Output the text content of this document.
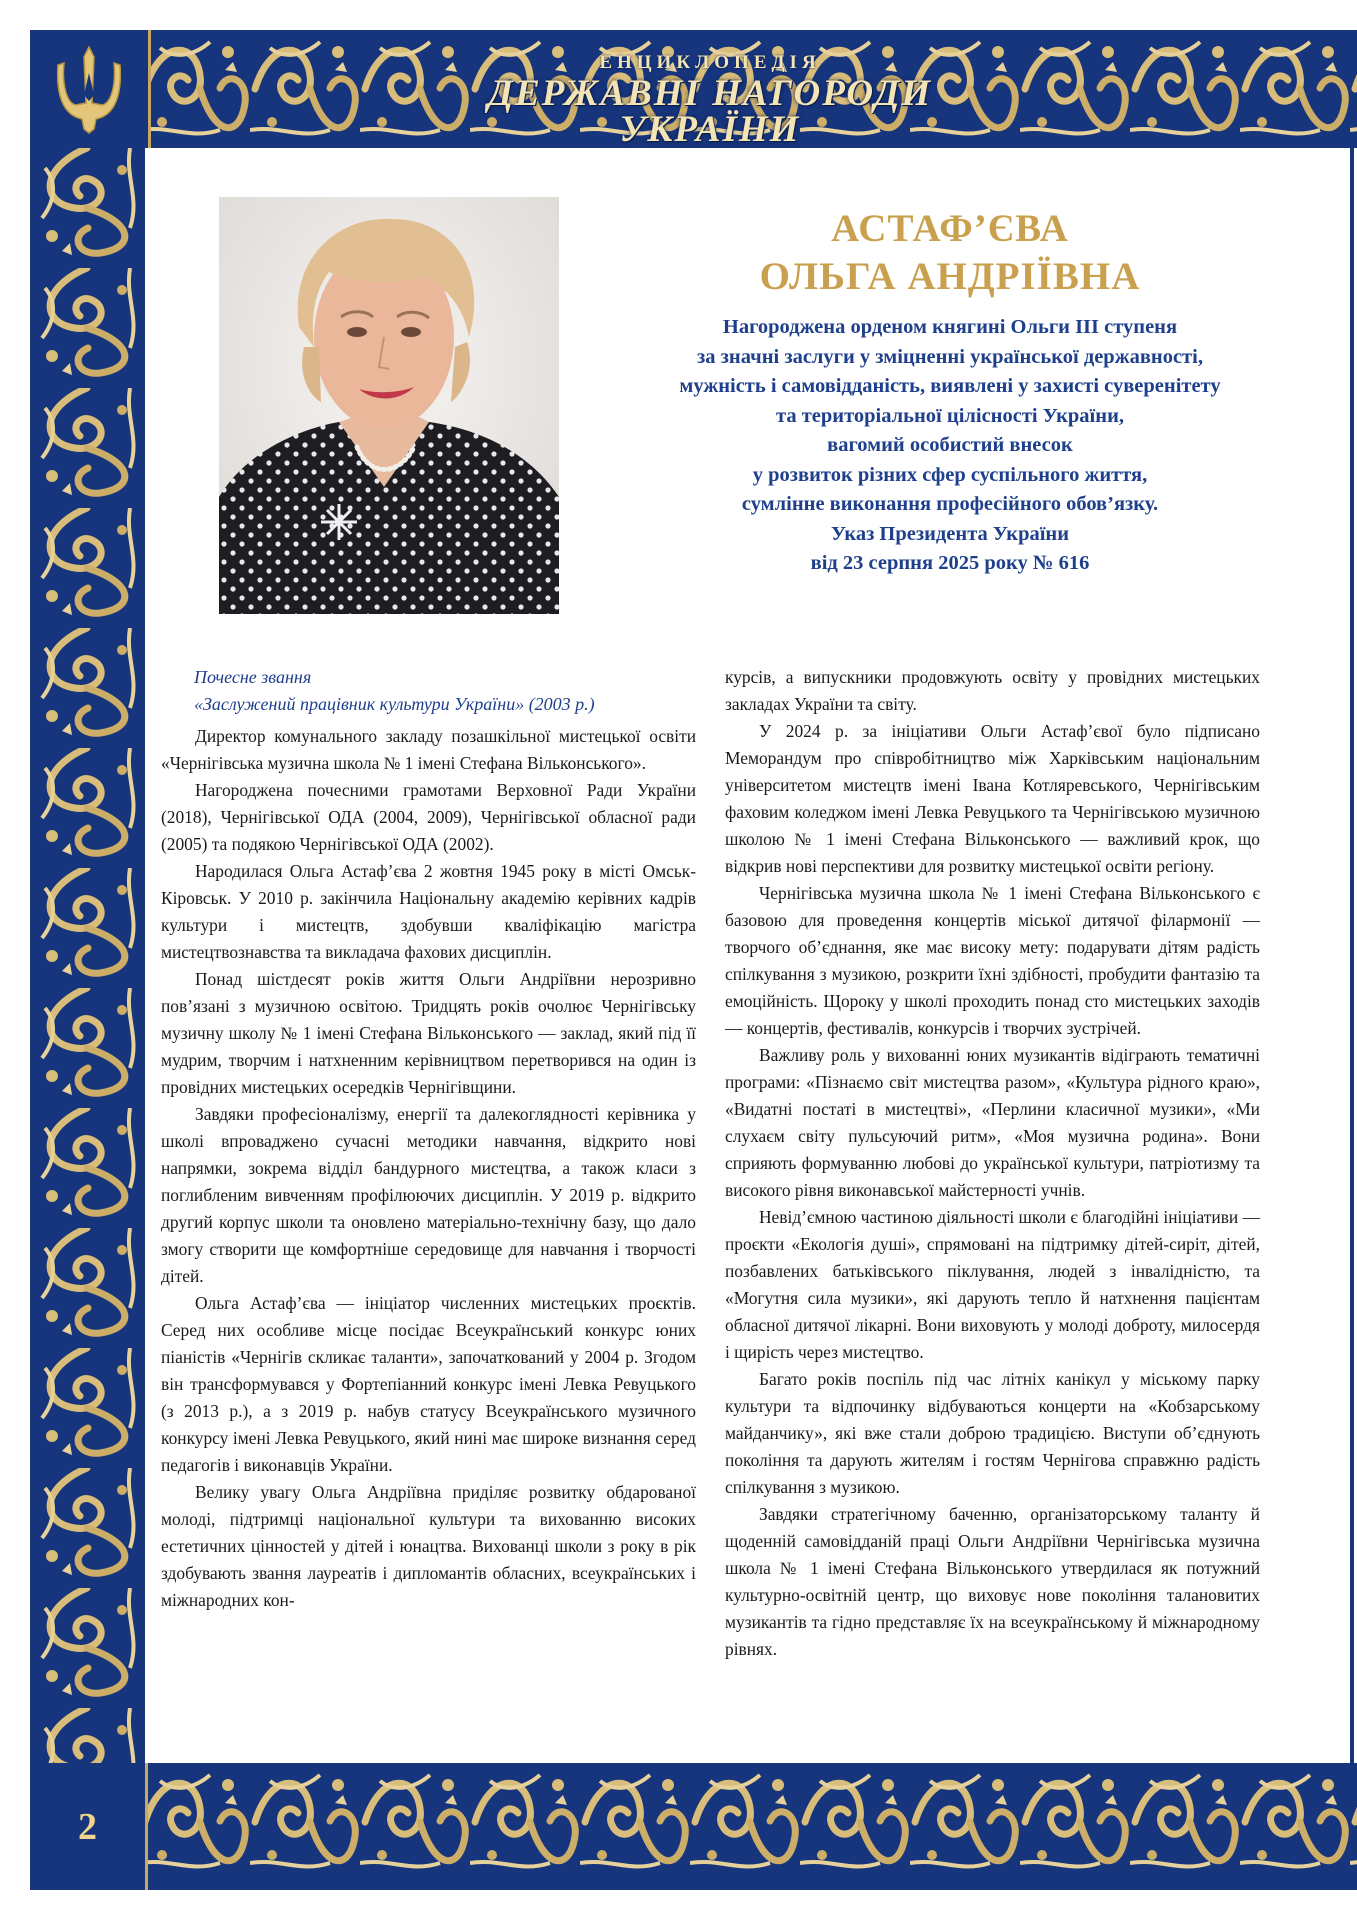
ЕНЦИКЛОПЕДІЯ
ДЕРЖАВНІ НАГОРОДИ
УКРАЇНИ
2
АСТАФ’ЄВА
ОЛЬГА АНДРІЇВНА
Нагороджена орденом княгині Ольги ІІІ ступеня
за значні заслуги у зміцненні української державності,
мужність і самовідданість, виявлені у захисті суверенітету
та територіальної цілісності України,
вагомий особистий внесок
у розвиток різних сфер суспільного життя,
сумлінне виконання професійного обов’язку.
Указ Президента України
від 23 серпня 2025 року № 616
Почесне звання
«Заслужений працівник культури України» (2003 р.)

Директор комунального закладу позашкільної мистецької освіти «Чернігівська музична школа № 1 імені Стефана Вільконського».

Нагороджена почесними грамотами Верховної Ради України (2018), Чернігівської ОДА (2004, 2009), Чернігівської обласної ради (2005) та подякою Чернігівської ОДА (2002).

Народилася Ольга Астаф’єва 2 жовтня 1945 року в місті Омськ-Кіровськ. У 2010 р. закінчила Національну академію керівних кадрів культури і мистецтв, здобувши кваліфікацію магістра мистецтвознавства та викладача фахових дисциплін.

Понад шістдесят років життя Ольги Андріївни нерозривно пов’язані з музичною освітою. Тридцять років очолює Чернігівську музичну школу № 1 імені Стефана Вільконського — заклад, який під її мудрим, творчим і натхненним керівництвом перетворився на один із провідних мистецьких осередків Чернігівщини.

Завдяки професіоналізму, енергії та далекоглядності керівника у школі впроваджено сучасні методики навчання, відкрито нові напрямки, зокрема відділ бандурного мистецтва, а також класи з поглибленим вивченням профілюючих дисциплін. У 2019 р. відкрито другий корпус школи та оновлено матеріально-технічну базу, що дало змогу створити ще комфортніше середовище для навчання і творчості дітей.

Ольга Астаф’єва — ініціатор численних мистецьких проєктів. Серед них особливе місце посідає Всеукраїнський конкурс юних піаністів «Чернігів скликає таланти», започаткований у 2004 р. Згодом він трансформувався у Фортепіанний конкурс імені Левка Ревуцького (з 2013 р.), а з 2019 р. набув статусу Всеукраїнського музичного конкурсу імені Левка Ревуцького, який нині має широке визнання серед педагогів і виконавців України.

Велику увагу Ольга Андріївна приділяє розвитку обдарованої молоді, підтримці національної культури та вихованню високих естетичних цінностей у дітей і юнацтва. Вихованці школи з року в рік здобувають звання лауреатів і дипломантів обласних, всеукраїнських і міжнародних кон-

курсів, а випускники продовжують освіту у провідних мистецьких закладах України та світу.

У 2024 р. за ініціативи Ольги Астаф’євої було підписано Меморандум про співробітництво між Харківським національним університетом мистецтв імені Івана Котляревського, Чернігівським фаховим коледжом імені Левка Ревуцького та Чернігівською музичною школою № 1 імені Стефана Вільконського — важливий крок, що відкрив нові перспективи для розвитку мистецької освіти регіону.

Чернігівська музична школа № 1 імені Стефана Вільконського є базовою для проведення концертів міської дитячої філармонії — творчого об’єднання, яке має високу мету: подарувати дітям радість спілкування з музикою, розкрити їхні здібності, пробудити фантазію та емоційність. Щороку у школі проходить понад сто мистецьких заходів — концертів, фестивалів, конкурсів і творчих зустрічей.

Важливу роль у вихованні юних музикантів відіграють тематичні програми: «Пізнаємо світ мистецтва разом», «Культура рідного краю», «Видатні постаті в мистецтві», «Перлини класичної музики», «Ми слухаєм світу пульсуючий ритм», «Моя музична родина». Вони сприяють формуванню любові до української культури, патріотизму та високого рівня виконавської майстерності учнів.

Невід’ємною частиною діяльності школи є благодійні ініціативи — проєкти «Екологія душі», спрямовані на підтримку дітей-сиріт, дітей, позбавлених батьківського піклування, людей з інвалідністю, та «Могутня сила музики», які дарують тепло й натхнення пацієнтам обласної дитячої лікарні. Вони виховують у молоді доброту, милосердя і щирість через мистецтво.

Багато років поспіль під час літніх канікул у міському парку культури та відпочинку відбуваються концерти на «Кобзарському майданчику», які вже стали доброю традицією. Виступи об’єднують покоління та дарують жителям і гостям Чернігова справжню радість спілкування з музикою.

Завдяки стратегічному баченню, організаторському таланту й щоденній самовідданій праці Ольги Андріївни Чернігівська музична школа № 1 імені Стефана Вільконського утвердилася як потужний культурно-освітній центр, що виховує нове покоління талановитих музикантів та гідно представляє їх на всеукраїнському й міжнародному рівнях.
